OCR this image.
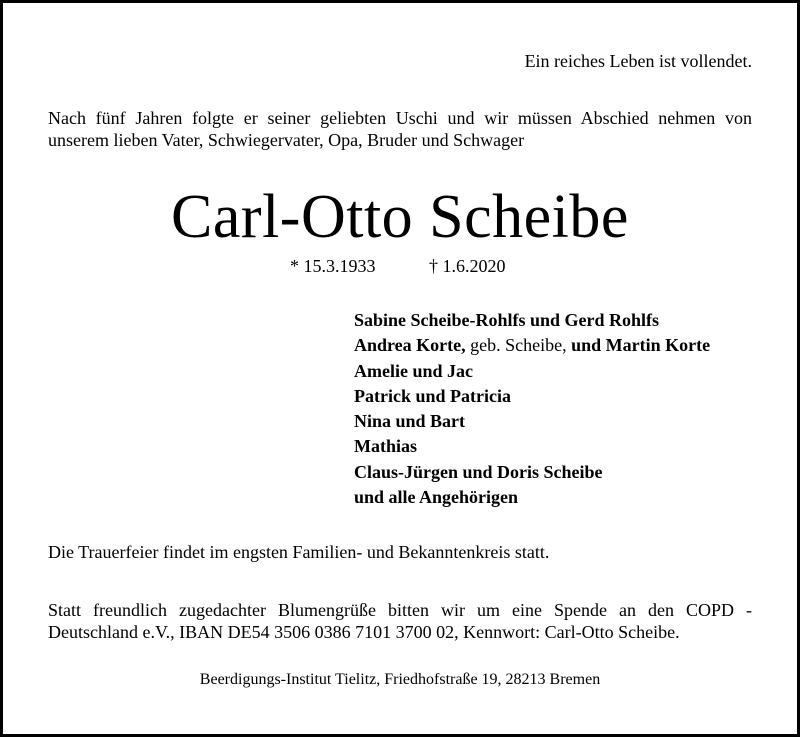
Ein reiches Leben ist vollendet.
Nach fünf Jahren folgte er seiner geliebten Uschi und wir müssen Abschied nehmen von
unserem lieben Vater, Schwiegervater, Opa, Bruder und Schwager
Carl-Otto Scheibe
* 15.3.1933	† 1.6.2020
Sabine Scheibe-Rohlfs und Gerd Rohlfs
Andrea Korte, geb. Scheibe, und Martin Korte
Amelie und Jac
Patrick und Patricia
Nina und Bart
Mathias
Claus-Jürgen und Doris Scheibe
und alle Angehörigen
Die Trauerfeier findet im engsten Familien- und Bekanntenkreis statt.
Statt freundlich zugedachter Blumengrüße bitten wir um eine Spende an den COPD -
Deutschland e.V., IBAN DE54 3506 0386 7101 3700 02, Kennwort: Carl-Otto Scheibe.
Beerdigungs-Institut Tielitz, Friedhofstraße 19, 28213 Bremen
